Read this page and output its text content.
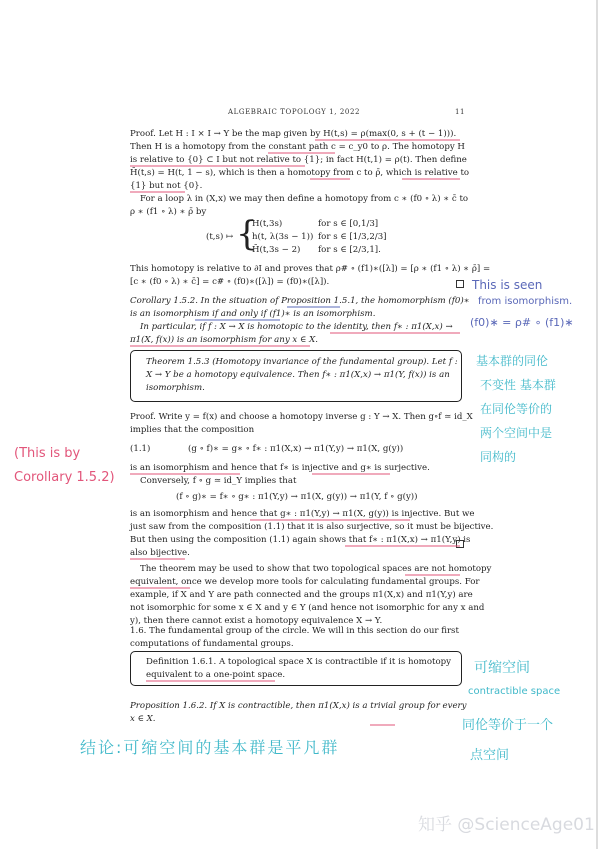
ALGEBRAIC TOPOLOGY 1, 2022	11
Proof. Let H : I × I → Y be the map given by H(t,s) = ρ(max(0, s + (t − 1))).
Then H is a homotopy from the constant path c = c_y0 to ρ. The homotopy H
is relative to {0} ⊂ I but not relative to {1}; in fact H(t,1) = ρ(t). Then define
H̄(t,s) = H(t, 1 − s), which is then a homotopy from c to ρ̄, which is relative to
{1} but not {0}.
For a loop λ in (X,x) we may then define a homotopy from c ∗ (f0 ∘ λ) ∗ c̄ to
ρ ∗ (f1 ∘ λ) ∗ ρ̄ by
(t,s) ↦ {
H(t,3s)	for s ∈ [0,1/3]
h(t, λ(3s − 1)) for s ∈ [1/3,2/3]
H̄(t,3s − 2) for s ∈ [2/3,1].
This homotopy is relative to ∂I and proves that ρ# ∘ (f1)∗([λ]) = [ρ ∗ (f1 ∘ λ) ∗ ρ̄] =
[c ∗ (f0 ∘ λ) ∗ c̄] = c# ∘ (f0)∗([λ]) = (f0)∗([λ]).
Corollary 1.5.2. In the situation of Proposition 1.5.1, the homomorphism (f0)∗
is an isomorphism if and only if (f1)∗ is an isomorphism.
In particular, if f : X → X is homotopic to the identity, then f∗ : π1(X,x) →
π1(X, f(x)) is an isomorphism for any x ∈ X.
Theorem 1.5.3 (Homotopy invariance of the fundamental group). Let f :
X → Y be a homotopy equivalence. Then f∗ : π1(X,x) → π1(Y, f(x)) is an
isomorphism.
Proof. Write y = f(x) and choose a homotopy inverse g : Y → X. Then g∘f ≃ id_X
implies that the composition
(1.1)	(g ∘ f)∗ = g∗ ∘ f∗ : π1(X,x) → π1(Y,y) → π1(X, g(y))
is an isomorphism and hence that f∗ is injective and g∗ is surjective.
Conversely, f ∘ g ≃ id_Y implies that
(f ∘ g)∗ = f∗ ∘ g∗ : π1(Y,y) → π1(X, g(y)) → π1(Y, f ∘ g(y))
is an isomorphism and hence that g∗ : π1(Y,y) → π1(X, g(y)) is injective. But we
just saw from the composition (1.1) that it is also surjective, so it must be bijective.
But then using the composition (1.1) again shows that f∗ : π1(X,x) → π1(Y,y) is
also bijective.
The theorem may be used to show that two topological spaces are not homotopy
equivalent, once we develop more tools for calculating fundamental groups. For
example, if X and Y are path connected and the groups π1(X,x) and π1(Y,y) are
not isomorphic for some x ∈ X and y ∈ Y (and hence not isomorphic for any x and
y), then there cannot exist a homotopy equivalence X → Y.
1.6. The fundamental group of the circle. We will in this section do our first
computations of fundamental groups.
Definition 1.6.1. A topological space X is contractible if it is homotopy
equivalent to a one-point space.
Proposition 1.6.2. If X is contractible, then π1(X,x) is a trivial group for every
x ∈ X.
This is seen
from isomorphism.
(f0)∗ = ρ# ∘ (f1)∗
基本群的同伦
不变性 基本群
在同伦等价的
两个空间中是
同构的
(This is by
Corollary 1.5.2)
可缩空间
contractible space
同伦等价于一个
点空间
结论:可缩空间的基本群是平凡群
知乎 @ScienceAge01
